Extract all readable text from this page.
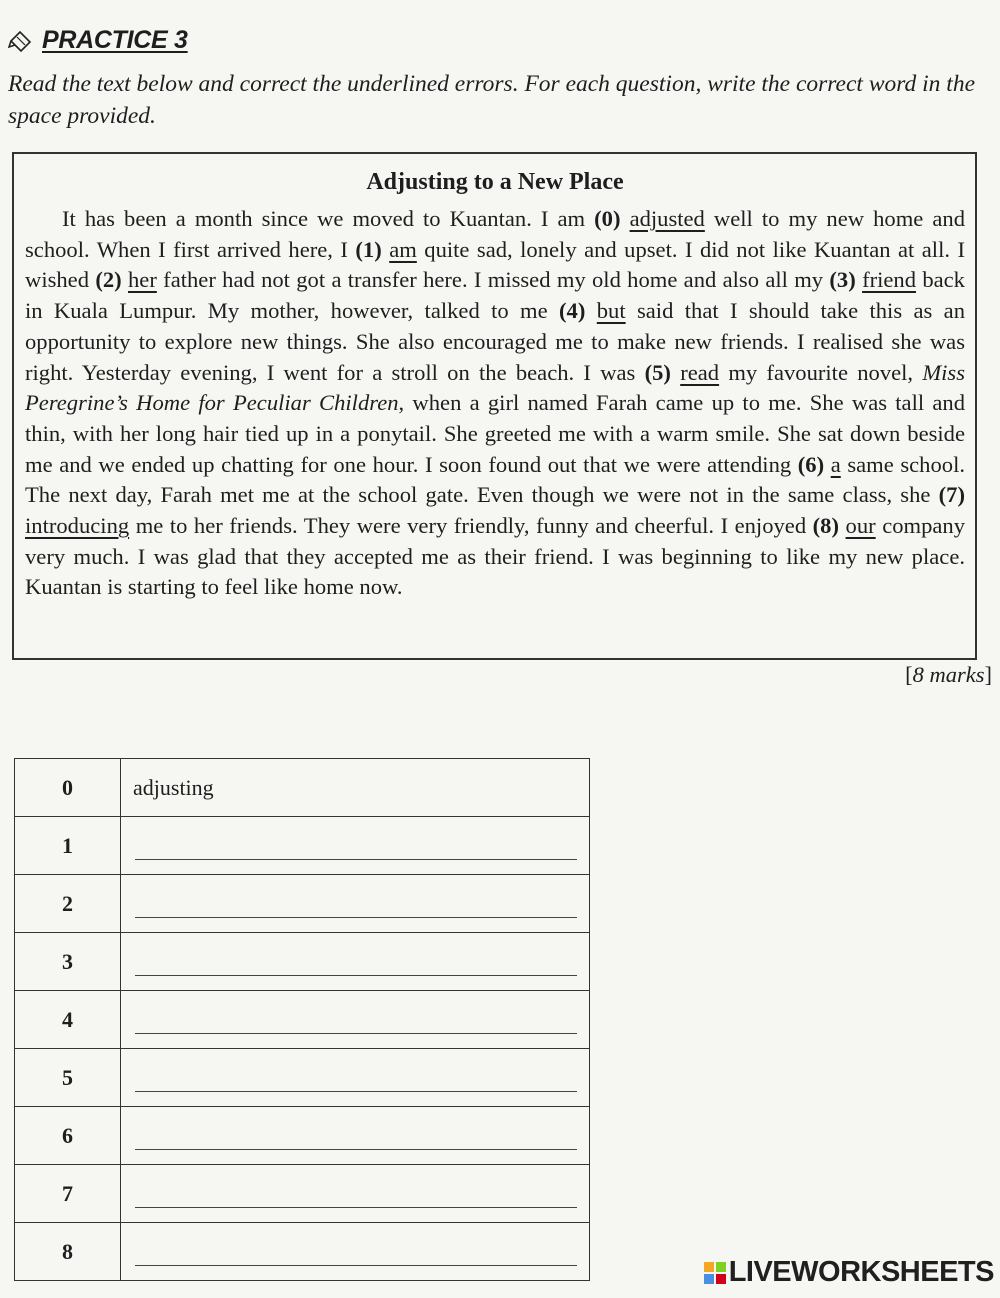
PRACTICE 3

Read the text below and correct the underlined errors. For each question, write the correct word in the space provided.

Adjusting to a New Place

It has been a month since we moved to Kuantan. I am (0) adjusted well to my new home and school. When I first arrived here, I (1) am quite sad, lonely and upset. I did not like Kuantan at all. I wished (2) her father had not got a transfer here. I missed my old home and also all my (3) friend back in Kuala Lumpur. My mother, however, talked to me (4) but said that I should take this as an opportunity to explore new things. She also encouraged me to make new friends. I realised she was right. Yesterday evening, I went for a stroll on the beach. I was (5) read my favourite novel, Miss Peregrine’s Home for Peculiar Children, when a girl named Farah came up to me. She was tall and thin, with her long hair tied up in a ponytail. She greeted me with a warm smile. She sat down beside me and we ended up chatting for one hour. I soon found out that we were attending (6) a same school. The next day, Farah met me at the school gate. Even though we were not in the same class, she (7) introducing me to her friends. They were very friendly, funny and cheerful. I enjoyed (8) our company very much. I was glad that they accepted me as their friend. I was beginning to like my new place. Kuantan is starting to feel like home now.

[8 marks]
0	adjusting

1	

2	

3	

4	

5	

6	

7	

8	
LIVEWORKSHEETS
